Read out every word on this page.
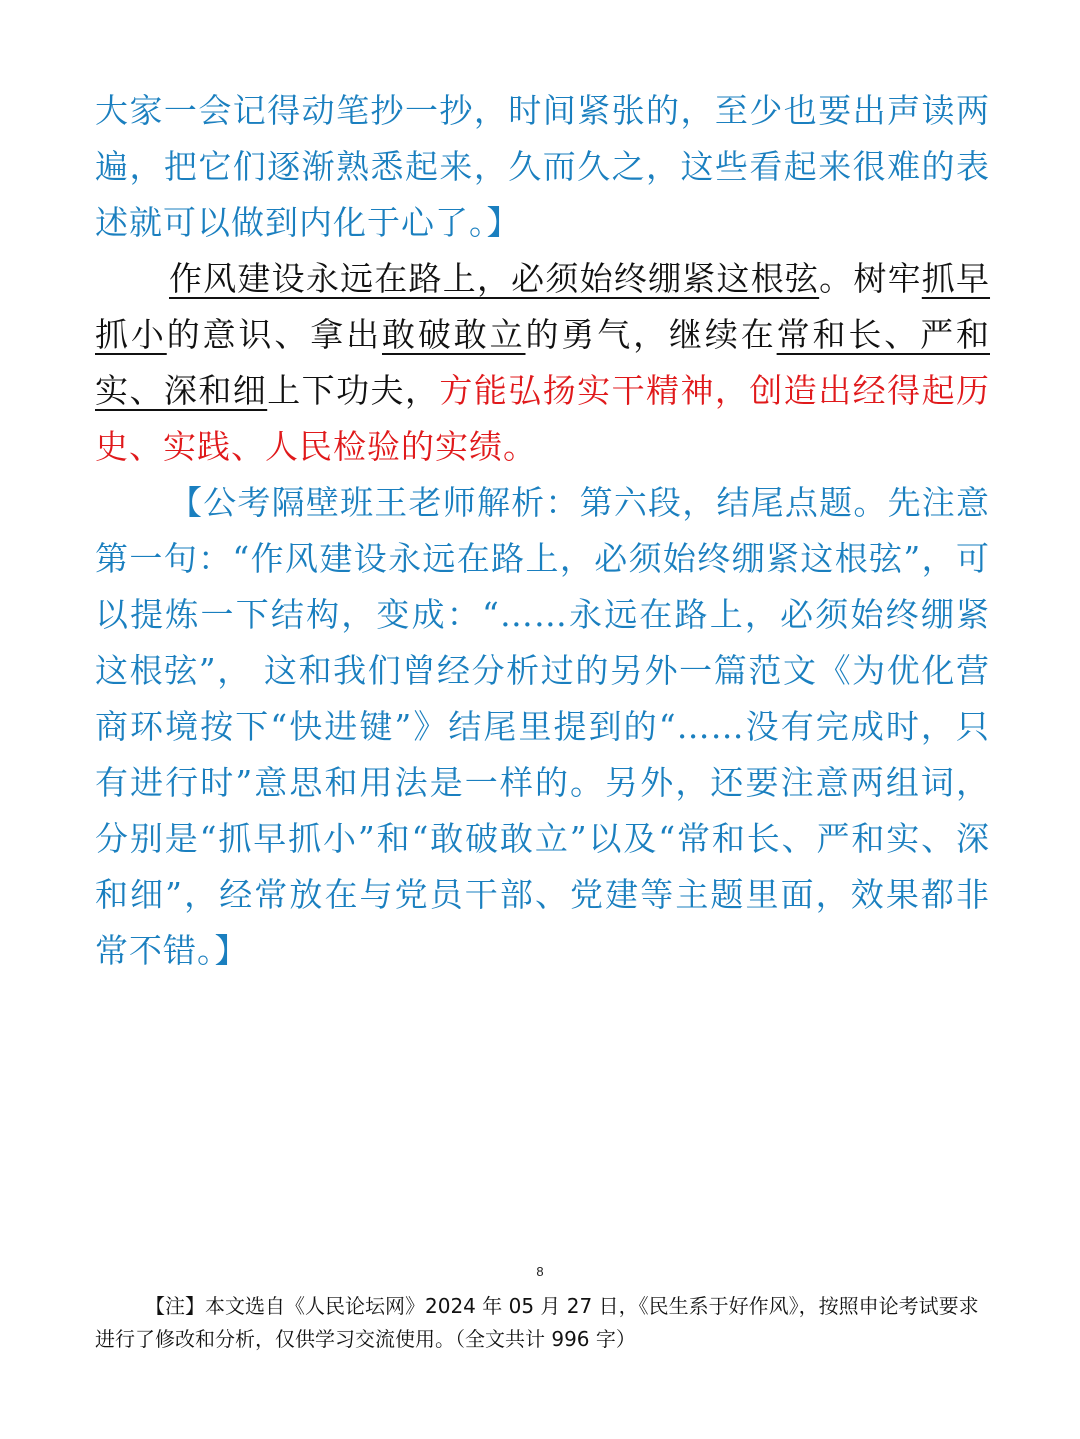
大家一会记得动笔抄一抄，时间紧张的，至少也要出声读两遍，把它们逐渐熟悉起来，久而久之，这些看起来很难的表述就可以做到内化于心了。】

作风建设永远在路上，必须始终绷紧这根弦。树牢抓早抓小的意识、拿出敢破敢立的勇气，继续在常和长、严和实、深和细上下功夫，方能弘扬实干精神，创造出经得起历史、实践、人民检验的实绩。

【公考隔壁班王老师解析：第六段，结尾点题。先注意第一句：“作风建设永远在路上，必须始终绷紧这根弦”，可以提炼一下结构，变成：“……永远在路上，必须始终绷紧这根弦”， 这和我们曾经分析过的另外一篇范文《为优化营商环境按下“快进键”》结尾里提到的“……没有完成时，只有进行时”意思和用法是一样的。另外，还要注意两组词，分别是“抓早抓小”和“敢破敢立”以及“常和长、严和实、深和细”，经常放在与党员干部、党建等主题里面，效果都非常不错。】

8

【注】本文选自《人民论坛网》2024 年 05 月 27 日，《民生系于好作风》，按照申论考试要求进行了修改和分析，仅供学习交流使用。（全文共计 996 字）
